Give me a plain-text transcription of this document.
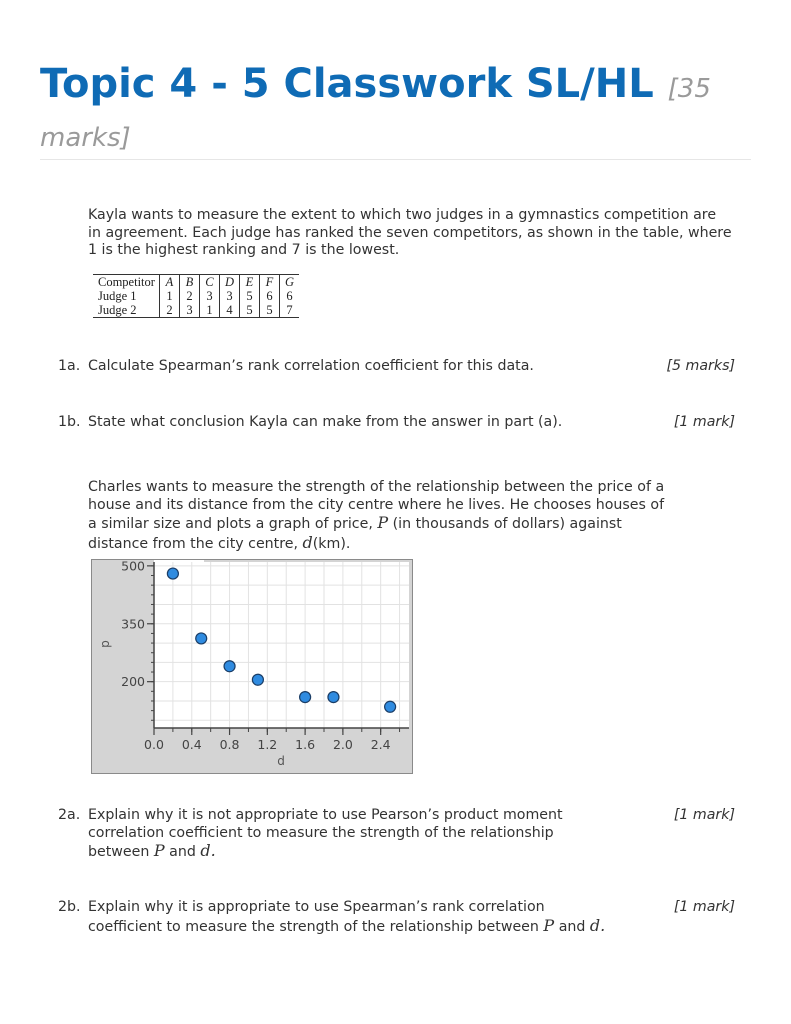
Topic 4 - 5 Classwork SL/HL [35 marks]

Kayla wants to measure the extent to which two judges in a gymnastics competition are in agreement. Each judge has ranked the seven competitors, as shown in the table, where 1 is the highest ranking and 7 is the lowest.

Competitor	A	B	C	D	E	F	G
Judge 1	1	2	3	3	5	6	6
Judge 2	2	3	1	4	5	5	7
1a. Calculate Spearman’s rank correlation coefficient for this data.	[5 marks]
1b. State what conclusion Kayla can make from the answer in part (a).	[1 mark]
Charles wants to measure the strength of the relationship between the price of a
house and its distance from the city centre where he lives. He chooses houses of
a similar size and plots a graph of price, P (in thousands of dollars) against
distance from the city centre, d(km).
200
350
500
0.0 0.4 0.8 1.2 1.6 2.0 2.4
p
d
2a. Explain why it is not appropriate to use Pearson’s product moment
correlation coefficient to measure the strength of the relationship
between P and d.
[1 mark]
2b. Explain why it is appropriate to use Spearman’s rank correlation
coefficient to measure the strength of the relationship between P and d.
[1 mark]
